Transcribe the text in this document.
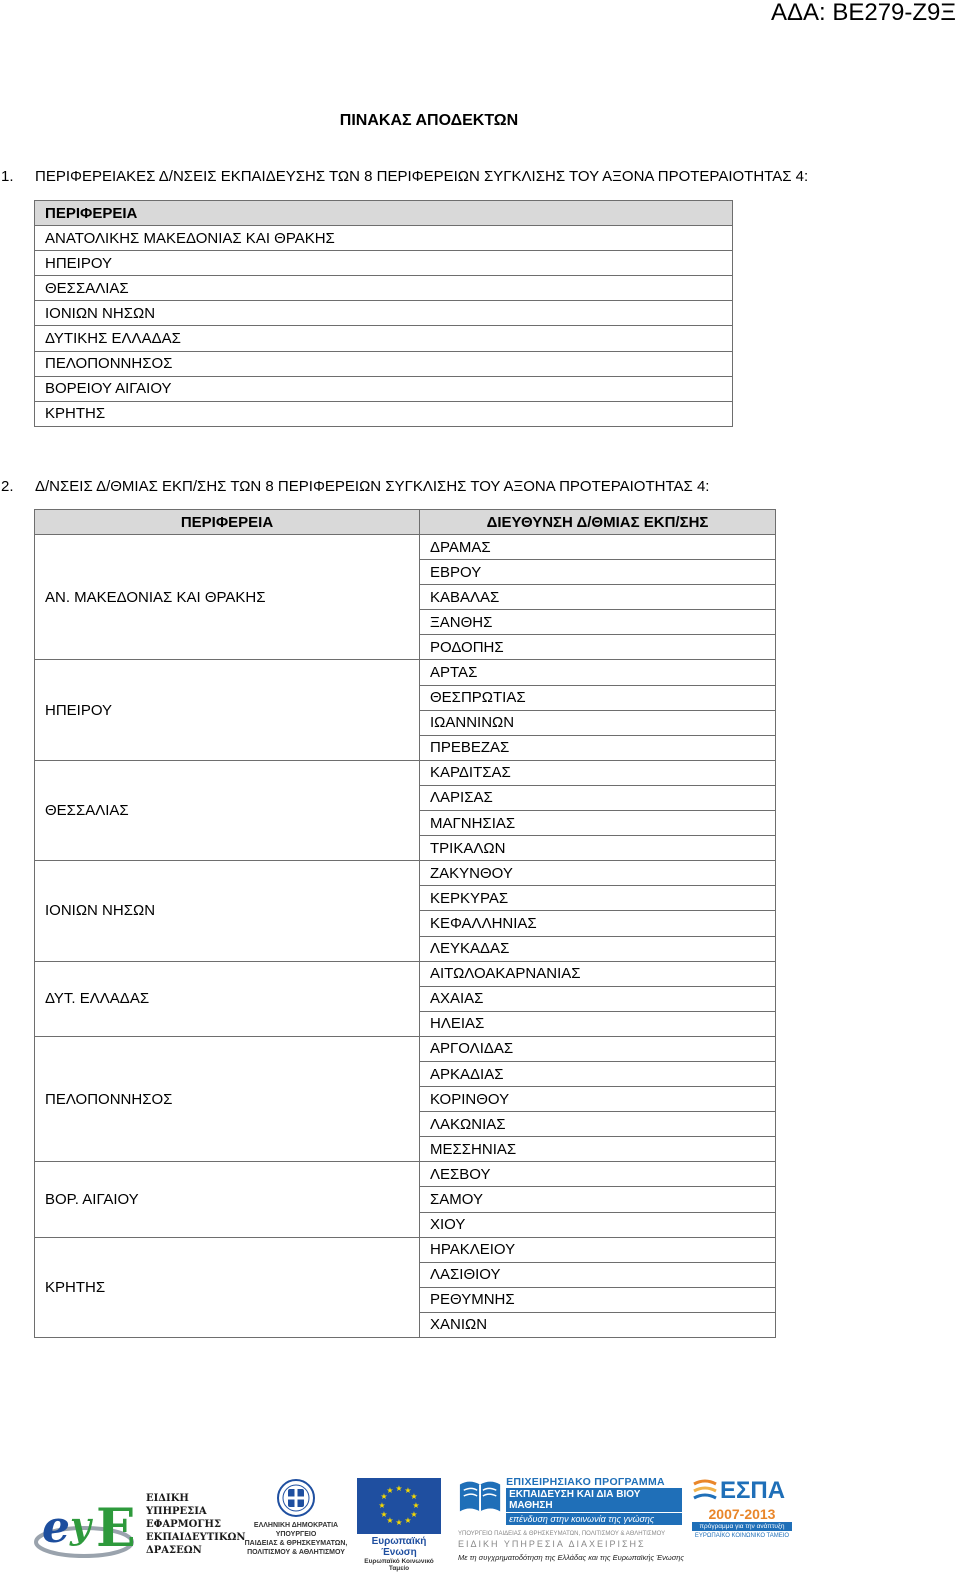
ΑΔΑ: ΒΕ279-Ζ9Ξ
ΠΙΝΑΚΑΣ ΑΠΟΔΕΚΤΩΝ
1. ΠΕΡΙΦΕΡΕΙΑΚΕΣ Δ/ΝΣΕΙΣ ΕΚΠΑΙΔΕΥΣΗΣ ΤΩΝ 8 ΠΕΡΙΦΕΡΕΙΩΝ ΣΥΓΚΛΙΣΗΣ ΤΟΥ ΑΞΟΝΑ ΠΡΟΤΕΡΑΙΟΤΗΤΑΣ 4:
ΠΕΡΙΦΕΡΕΙΑ
ΑΝΑΤΟΛΙΚΗΣ ΜΑΚΕΔΟΝΙΑΣ ΚΑΙ ΘΡΑΚΗΣ
ΗΠΕΙΡΟΥ
ΘΕΣΣΑΛΙΑΣ
ΙΟΝΙΩΝ ΝΗΣΩΝ
ΔΥΤΙΚΗΣ ΕΛΛΑΔΑΣ
ΠΕΛΟΠΟΝΝΗΣΟΣ
ΒΟΡΕΙΟΥ ΑΙΓΑΙΟΥ
ΚΡΗΤΗΣ
2. Δ/ΝΣΕΙΣ Δ/ΘΜΙΑΣ ΕΚΠ/ΣΗΣ ΤΩΝ 8 ΠΕΡΙΦΕΡΕΙΩΝ ΣΥΓΚΛΙΣΗΣ ΤΟΥ ΑΞΟΝΑ ΠΡΟΤΕΡΑΙΟΤΗΤΑΣ 4:
ΠΕΡΙΦΕΡΕΙΑ	ΔΙΕΥΘΥΝΣΗ Δ/ΘΜΙΑΣ ΕΚΠ/ΣΗΣ
ΑΝ. ΜΑΚΕΔΟΝΙΑΣ ΚΑΙ ΘΡΑΚΗΣ	ΔΡΑΜΑΣ
	ΕΒΡΟΥ
	ΚΑΒΑΛΑΣ
	ΞΑΝΘΗΣ
	ΡΟΔΟΠΗΣ
ΗΠΕΙΡΟΥ	ΑΡΤΑΣ
	ΘΕΣΠΡΩΤΙΑΣ
	ΙΩΑΝΝΙΝΩΝ
	ΠΡΕΒΕΖΑΣ
ΘΕΣΣΑΛΙΑΣ	ΚΑΡΔΙΤΣΑΣ
	ΛΑΡΙΣΑΣ
	ΜΑΓΝΗΣΙΑΣ
	ΤΡΙΚΑΛΩΝ
ΙΟΝΙΩΝ ΝΗΣΩΝ	ΖΑΚΥΝΘΟΥ
	ΚΕΡΚΥΡΑΣ
	ΚΕΦΑΛΛΗΝΙΑΣ
	ΛΕΥΚΑΔΑΣ
ΔΥΤ. ΕΛΛΑΔΑΣ	ΑΙΤΩΛΟΑΚΑΡΝΑΝΙΑΣ
	ΑΧΑΙΑΣ
	ΗΛΕΙΑΣ
ΠΕΛΟΠΟΝΝΗΣΟΣ	ΑΡΓΟΛΙΔΑΣ
	ΑΡΚΑΔΙΑΣ
	ΚΟΡΙΝΘΟΥ
	ΛΑΚΩΝΙΑΣ
	ΜΕΣΣΗΝΙΑΣ
ΒΟΡ. ΑΙΓΑΙΟΥ	ΛΕΣΒΟΥ
	ΣΑΜΟΥ
	ΧΙΟΥ
ΚΡΗΤΗΣ	ΗΡΑΚΛΕΙΟΥ
	ΛΑΣΙΘΙΟΥ
	ΡΕΘΥΜΝΗΣ
	ΧΑΝΙΩΝ
e y E ΕΙΔΙΚΗ
ΥΠΗΡΕΣΙΑ
ΕΦΑΡΜΟΓΗΣ
ΕΚΠΑΙΔΕΥΤΙΚΩΝ
ΔΡΑΣΕΩΝ
ΕΛΛΗΝΙΚΗ ΔΗΜΟΚΡΑΤΙΑ
ΥΠΟΥΡΓΕΙΟ
ΠΑΙΔΕΙΑΣ & ΘΡΗΣΚΕΥΜΑΤΩΝ,
ΠΟΛΙΤΙΣΜΟΥ & ΑΘΛΗΤΙΣΜΟΥ
★ ★
★
★
★
★
★
★
★
★
★
★
Ευρωπαϊκή Ένωση
Ευρωπαϊκό Κοινωνικό Ταμείο
ΕΠΙΧΕΙΡΗΣΙΑΚΟ ΠΡΟΓΡΑΜΜΑ
ΕΚΠΑΙΔΕΥΣΗ ΚΑΙ ΔΙΑ ΒΙΟΥ ΜΑΘΗΣΗ
επένδυση στην κοινωνία της γνώσης
ΥΠΟΥΡΓΕΙΟ ΠΑΙΔΕΙΑΣ & ΘΡΗΣΚΕΥΜΑΤΩΝ, ΠΟΛΙΤΙΣΜΟΥ & ΑΘΛΗΤΙΣΜΟΥ
ΕΙΔΙΚΗ ΥΠΗΡΕΣΙΑ ΔΙΑΧΕΙΡΙΣΗΣ
Με τη συγχρηματοδότηση της Ελλάδας και της Ευρωπαϊκής Ένωσης
ΕΣΠΑ
2007-2013
πρόγραμμα για την ανάπτυξη
ΕΥΡΩΠΑΪΚΟ ΚΟΙΝΩΝΙΚΟ ΤΑΜΕΙΟ
